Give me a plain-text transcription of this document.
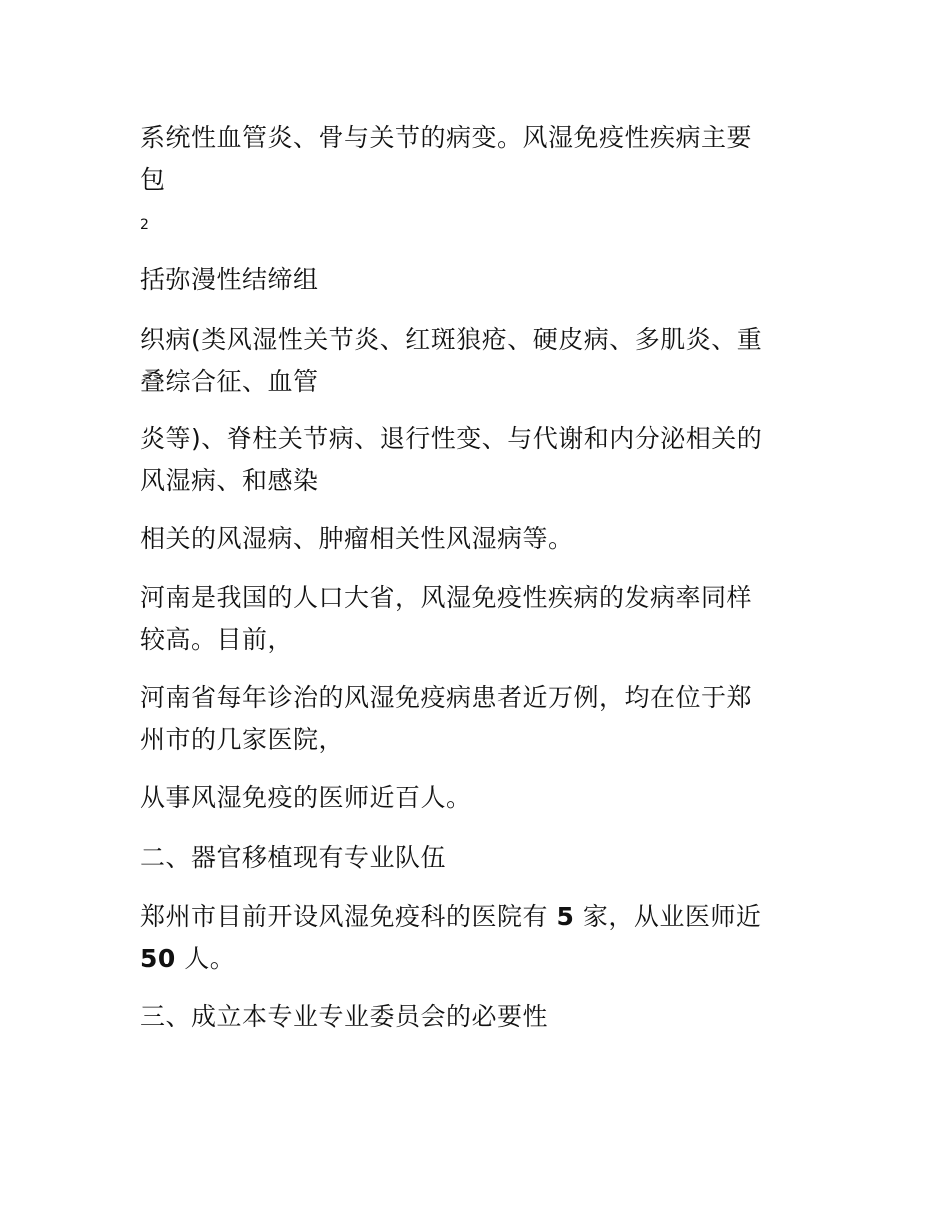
系统性血管炎、骨与关节的病变。风湿免疫性疾病主要
包

2

括弥漫性结缔组

织病(类风湿性关节炎、红斑狼疮、硬皮病、多肌炎、重
叠综合征、血管

炎等)、脊柱关节病、退行性变、与代谢和内分泌相关的
风湿病、和感染

相关的风湿病、肿瘤相关性风湿病等。

河南是我国的人口大省，风湿免疫性疾病的发病率同样
较高。目前，

河南省每年诊治的风湿免疫病患者近万例，均在位于郑
州市的几家医院，

从事风湿免疫的医师近百人。

二、器官移植现有专业队伍

郑州市目前开设风湿免疫科的医院有 5 家，从业医师近
50 人。

三、成立本专业专业委员会的必要性
